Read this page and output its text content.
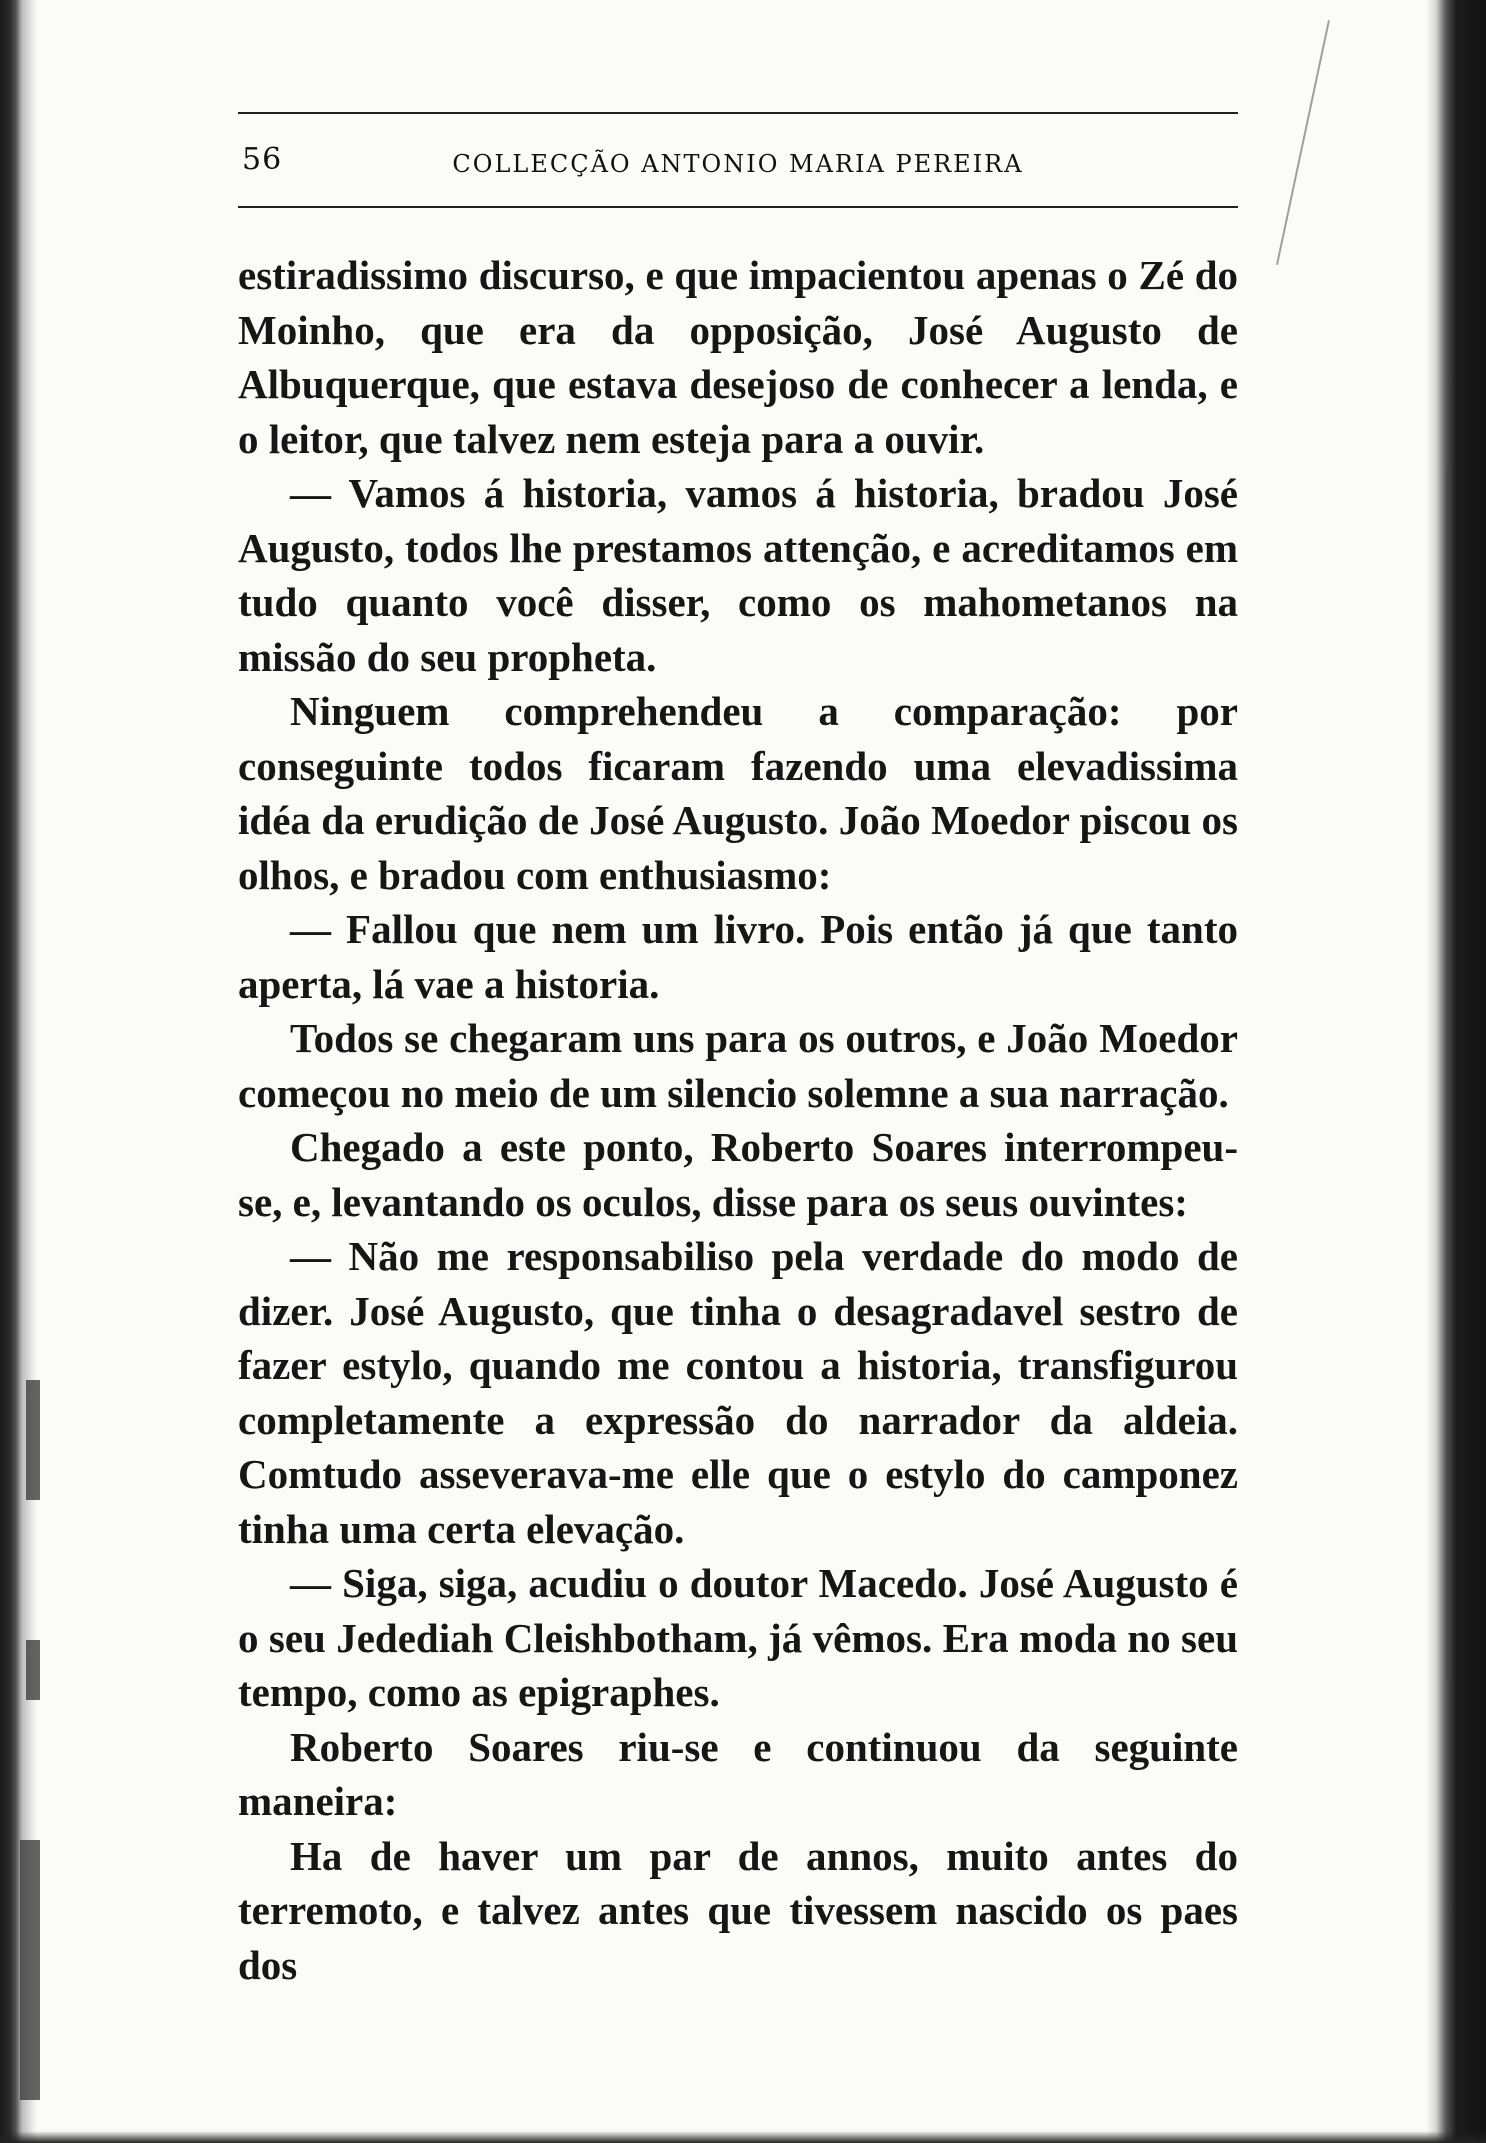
56	COLLECÇÃO ANTONIO MARIA PEREIRA

estiradissimo discurso, e que impacientou apenas o Zé do Moinho, que era da opposição, José Augusto de Albuquerque, que estava desejoso de conhecer a lenda, e o leitor, que talvez nem esteja para a ouvir.

— Vamos á historia, vamos á historia, bradou José Augusto, todos lhe prestamos attenção, e acreditamos em tudo quanto você disser, como os mahometanos na missão do seu propheta.

Ninguem comprehendeu a comparação: por conseguinte todos ficaram fazendo uma elevadissima idéa da erudição de José Augusto. João Moedor piscou os olhos, e bradou com enthusiasmo:

— Fallou que nem um livro. Pois então já que tanto aperta, lá vae a historia.

Todos se chegaram uns para os outros, e João Moedor começou no meio de um silencio solemne a sua narração.

Chegado a este ponto, Roberto Soares interrompeu-se, e, levantando os oculos, disse para os seus ouvintes:

— Não me responsabiliso pela verdade do modo de dizer. José Augusto, que tinha o desagradavel sestro de fazer estylo, quando me contou a historia, transfigurou completamente a expressão do narrador da aldeia. Comtudo asseverava-me elle que o estylo do camponez tinha uma certa elevação.

— Siga, siga, acudiu o doutor Macedo. José Augusto é o seu Jedediah Cleishbotham, já vêmos. Era moda no seu tempo, como as epigraphes.

Roberto Soares riu-se e continuou da seguinte maneira:

Ha de haver um par de annos, muito antes do terremoto, e talvez antes que tivessem nascido os paes dos
